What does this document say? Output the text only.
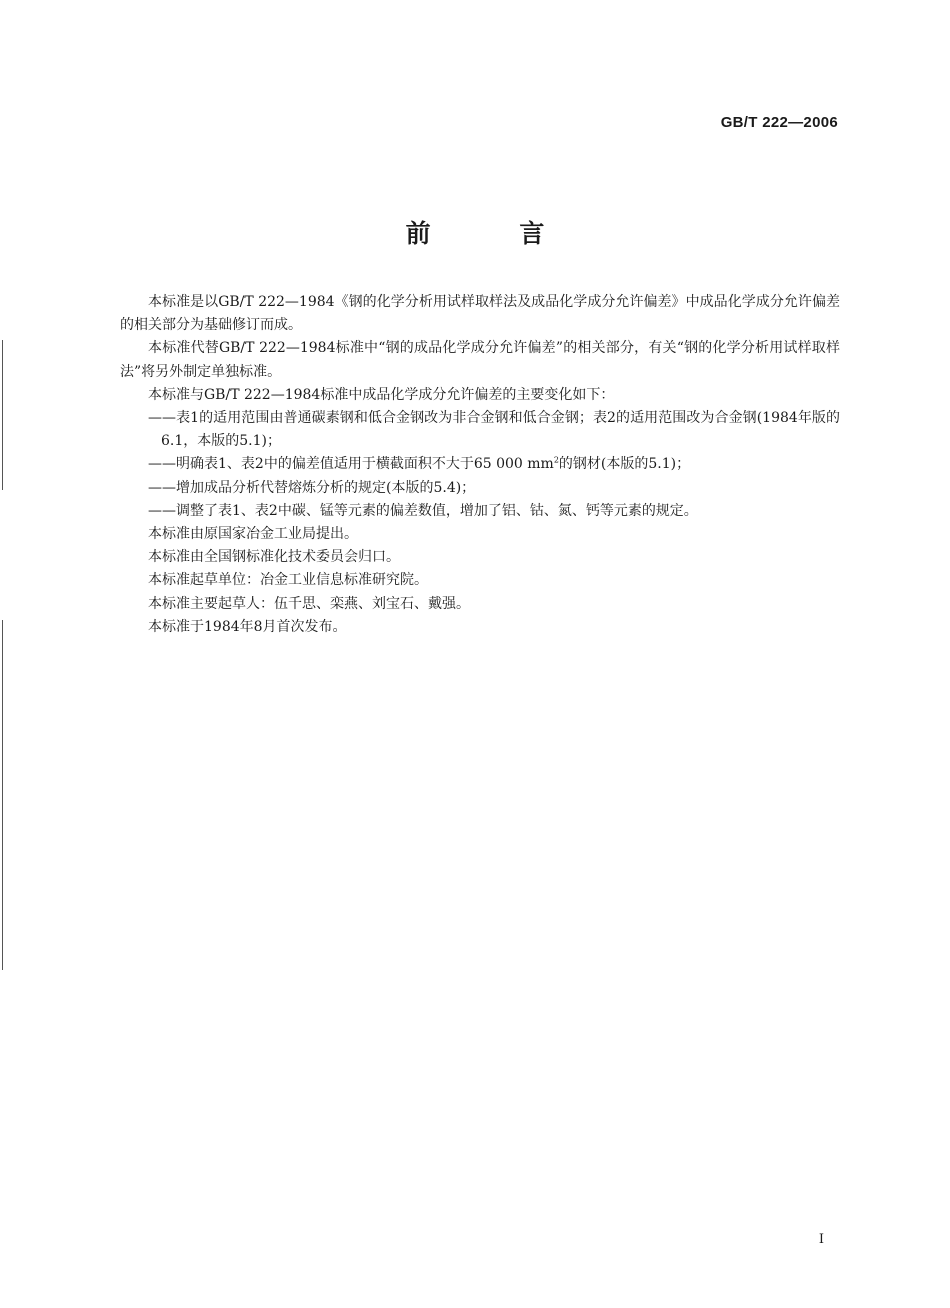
GB/T 222—2006
前 言

本标准是以GB/T 222—1984《钢的化学分析用试样取样法及成品化学成分允许偏差》中成品化学成分允许偏差的相关部分为基础修订而成。

本标准代替GB/T 222—1984标准中“钢的成品化学成分允许偏差”的相关部分，有关“钢的化学分析用试样取样法”将另外制定单独标准。

本标准与GB/T 222—1984标准中成品化学成分允许偏差的主要变化如下：

——表1的适用范围由普通碳素钢和低合金钢改为非合金钢和低合金钢；表2的适用范围改为合金钢(1984年版的6.1，本版的5.1)；

——明确表1、表2中的偏差值适用于横截面积不大于65 000 $mm^2$的钢材(本版的5.1)；

——增加成品分析代替熔炼分析的规定(本版的5.4)；

——调整了表1、表2中碳、锰等元素的偏差数值，增加了铝、钴、氮、钙等元素的规定。

本标准由原国家冶金工业局提出。

本标准由全国钢标准化技术委员会归口。

本标准起草单位：冶金工业信息标准研究院。

本标准主要起草人：伍千思、栾燕、刘宝石、戴强。

本标准于1984年8月首次发布。

I
